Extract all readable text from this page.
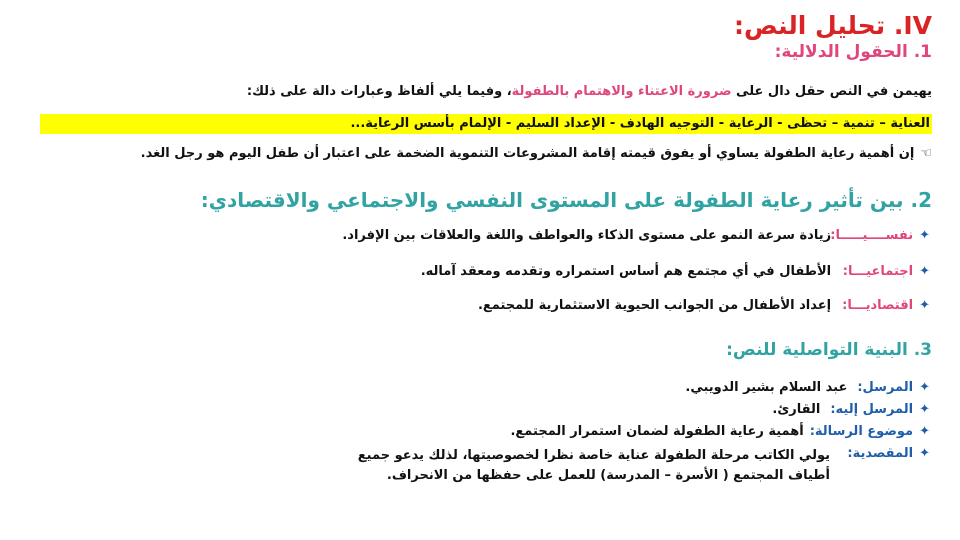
IV. تحليل النص:
1. الحقول الدلالية:
يهيمن في النص حقل دال على ضرورة الاعتناء والاهتمام بالطفولة، وفيما يلي ألفاظ وعبارات دالة على ذلك:
العناية – تنمية – تحظى - الرعاية - التوجيه الهادف - الإعداد السليم - الإلمام بأسس الرعاية...
☜إن أهمية رعاية الطفولة يساوي أو يفوق قيمته إقامة المشروعات التنموية الضخمة على اعتبار أن طفل اليوم هو رجل الغد.
2. بين تأثير رعاية الطفولة على المستوى النفسي والاجتماعي والاقتصادي:
✦
نفســــيـــــا:
زيادة سرعة النمو على مستوى الذكاء والعواطف واللغة والعلاقات بين الإفراد.
✦
اجتماعيـــا:
الأطفال في أي مجتمع هم أساس استمراره وتقدمه ومعقد آماله.
✦
اقتصاديـــا:
إعداد الأطفال من الجوانب الحيوية الاستثمارية للمجتمع.
3. البنية التواصلية للنص:
✦
المرسل:
عبد السلام بشير الدويبي.
✦
المرسل إليه:
القارئ.
✦
موضوع الرسالة:
أهمية رعاية الطفولة لضمان استمرار المجتمع.
✦
المقصدية:
يولي الكاتب مرحلة الطفولة عناية خاصة نظرا لخصوصيتها، لذلك يدعو جميع
أطياف المجتمع ( الأسرة – المدرسة) للعمل على حفظها من الانحراف.
